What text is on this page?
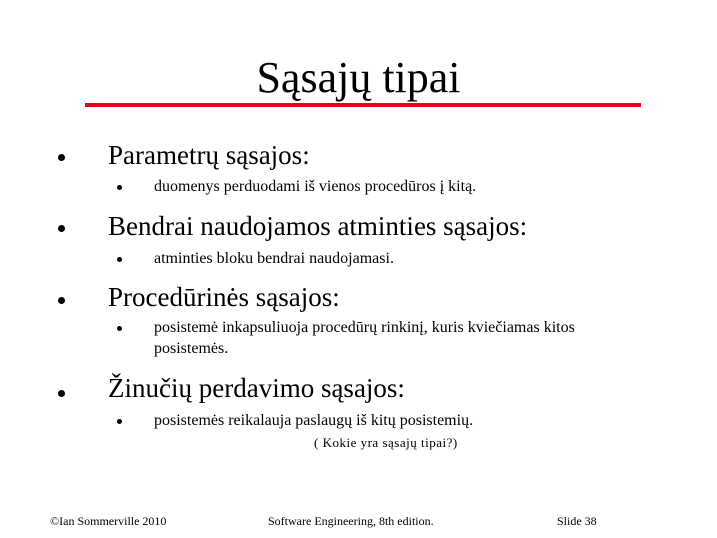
Sąsajų tipai
Parametrų sąsajos:
duomenys perduodami iš vienos procedūros į kitą.
Bendrai naudojamos atminties sąsajos:
atminties bloku bendrai naudojamasi.
Procedūrinės sąsajos:
posistemė inkapsuliuoja procedūrų rinkinį, kuris kviečiamas kitos posistemės.
Žinučių perdavimo sąsajos:
posistemės reikalauja paslaugų iš kitų posistemių.
( Kokie yra sąsajų tipai?)
©Ian Sommerville 2010	Software Engineering, 8th edition.	Slide 38
